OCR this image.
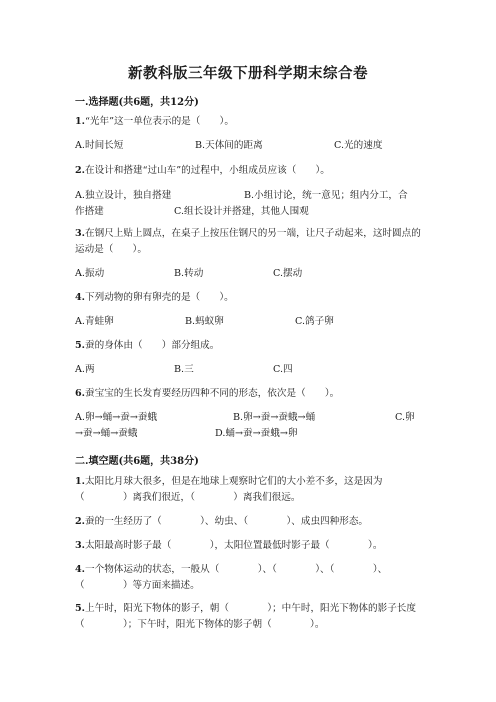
新教科版三年级下册科学期末综合卷
一.选择题(共6题，共12分)
1.“光年”这一单位表示的是（　　）。
A.时间长短	B.天体间的距离	C.光的速度
2.在设计和搭建“过山车”的过程中，小组成员应该（　　）。
A.独立设计，独自搭建	B.小组讨论，统一意见；组内分工，合
作搭建	C.组长设计并搭建，其他人围观
3.在钢尺上贴上圆点，在桌子上按压住钢尺的另一端，让尺子动起来，这时圆点的运动是（　　）。
A.振动	B.转动	C.摆动
4.下列动物的卵有卵壳的是（　　）。
A.青蛙卵	B.蚂蚁卵	C.鸽子卵
5.蚕的身体由（　　）部分组成。
A.两	B.三	C.四
6.蚕宝宝的生长发育要经历四种不同的形态，依次是（　　）。
A.卵→蛹→蚕→蚕蛾	B.卵→蚕→蚕蛾→蛹	C.卵
→蚕→蛹→蚕蛾	D.蛹→蚕→蚕蛾→卵
二.填空题(共6题，共38分)
1.太阳比月球大很多，但是在地球上观察时它们的大小差不多，这是因为（　　　　）离我们很近，（　　　　）离我们很远。
2.蚕的一生经历了（　　　　）、幼虫、（　　　　）、成虫四种形态。
3.太阳最高时影子最（　　　　），太阳位置最低时影子最（　　　　）。
4.一个物体运动的状态，一般从（　　　　）、（　　　　）、（　　　　）、（　　　　）等方面来描述。
5.上午时，阳光下物体的影子，朝（　　　　）；中午时，阳光下物体的影子长度（　　　　）；下午时，阳光下物体的影子朝（　　　　）。
